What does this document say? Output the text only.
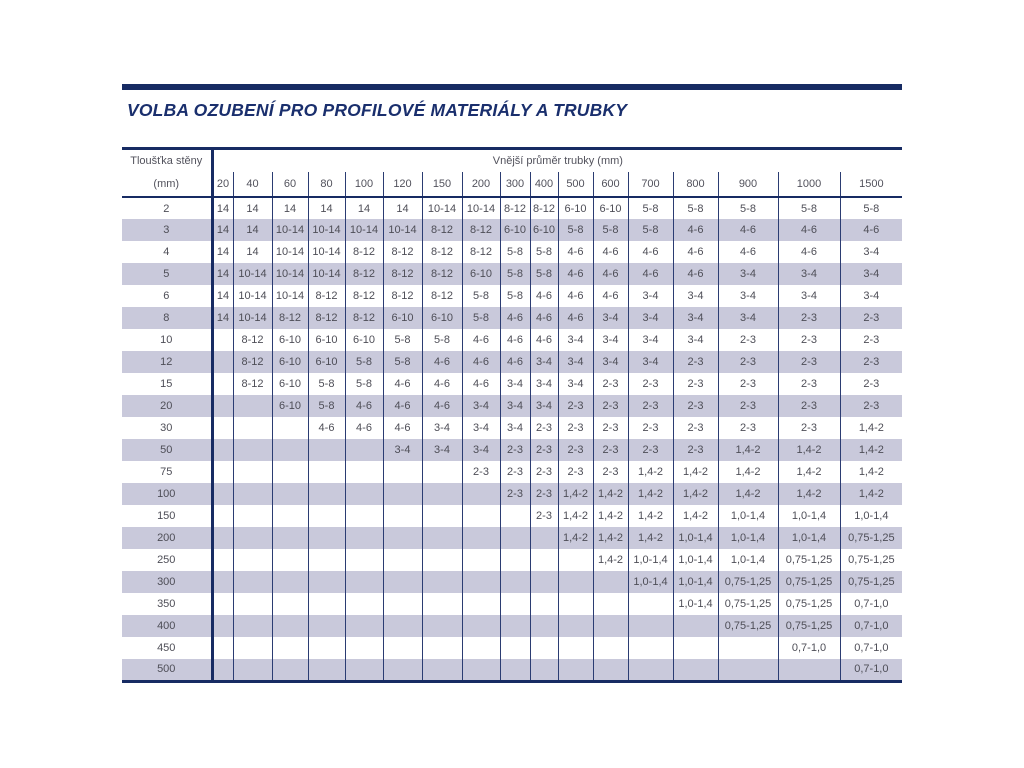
VOLBA OZUBENÍ PRO PROFILOVÉ MATERIÁLY A TRUBKY
Tloušťka stěny
(mm)	Vnější průměr trubky (mm)																
	20	40	60	80	100	120	150	200	300	400	500	600	700	800	900	1000	1500
2	14	14	14	14	14	14	10-14	10-14	8-12	8-12	6-10	6-10	5-8	5-8	5-8	5-8	5-8
3	14	14	10-14	10-14	10-14	10-14	8-12	8-12	6-10	6-10	5-8	5-8	5-8	4-6	4-6	4-6	4-6
4	14	14	10-14	10-14	8-12	8-12	8-12	8-12	5-8	5-8	4-6	4-6	4-6	4-6	4-6	4-6	3-4
5	14	10-14	10-14	10-14	8-12	8-12	8-12	6-10	5-8	5-8	4-6	4-6	4-6	4-6	3-4	3-4	3-4
6	14	10-14	10-14	8-12	8-12	8-12	8-12	5-8	5-8	4-6	4-6	4-6	3-4	3-4	3-4	3-4	3-4
8	14	10-14	8-12	8-12	8-12	6-10	6-10	5-8	4-6	4-6	4-6	3-4	3-4	3-4	3-4	2-3	2-3
10		8-12	6-10	6-10	6-10	5-8	5-8	4-6	4-6	4-6	3-4	3-4	3-4	3-4	2-3	2-3	2-3
12		8-12	6-10	6-10	5-8	5-8	4-6	4-6	4-6	3-4	3-4	3-4	3-4	2-3	2-3	2-3	2-3
15		8-12	6-10	5-8	5-8	4-6	4-6	4-6	3-4	3-4	3-4	2-3	2-3	2-3	2-3	2-3	2-3
20			6-10	5-8	4-6	4-6	4-6	3-4	3-4	3-4	2-3	2-3	2-3	2-3	2-3	2-3	2-3
30				4-6	4-6	4-6	3-4	3-4	3-4	2-3	2-3	2-3	2-3	2-3	2-3	2-3	1,4-2
50						3-4	3-4	3-4	2-3	2-3	2-3	2-3	2-3	2-3	1,4-2	1,4-2	1,4-2
75								2-3	2-3	2-3	2-3	2-3	1,4-2	1,4-2	1,4-2	1,4-2	1,4-2
100									2-3	2-3	1,4-2	1,4-2	1,4-2	1,4-2	1,4-2	1,4-2	1,4-2
150										2-3	1,4-2	1,4-2	1,4-2	1,4-2	1,0-1,4	1,0-1,4	1,0-1,4
200											1,4-2	1,4-2	1,4-2	1,0-1,4	1,0-1,4	1,0-1,4	0,75-1,25
250												1,4-2	1,0-1,4	1,0-1,4	1,0-1,4	0,75-1,25	0,75-1,25
300													1,0-1,4	1,0-1,4	0,75-1,25	0,75-1,25	0,75-1,25
350														1,0-1,4	0,75-1,25	0,75-1,25	0,7-1,0
400															0,75-1,25	0,75-1,25	0,7-1,0
450																0,7-1,0	0,7-1,0
500																	0,7-1,0
